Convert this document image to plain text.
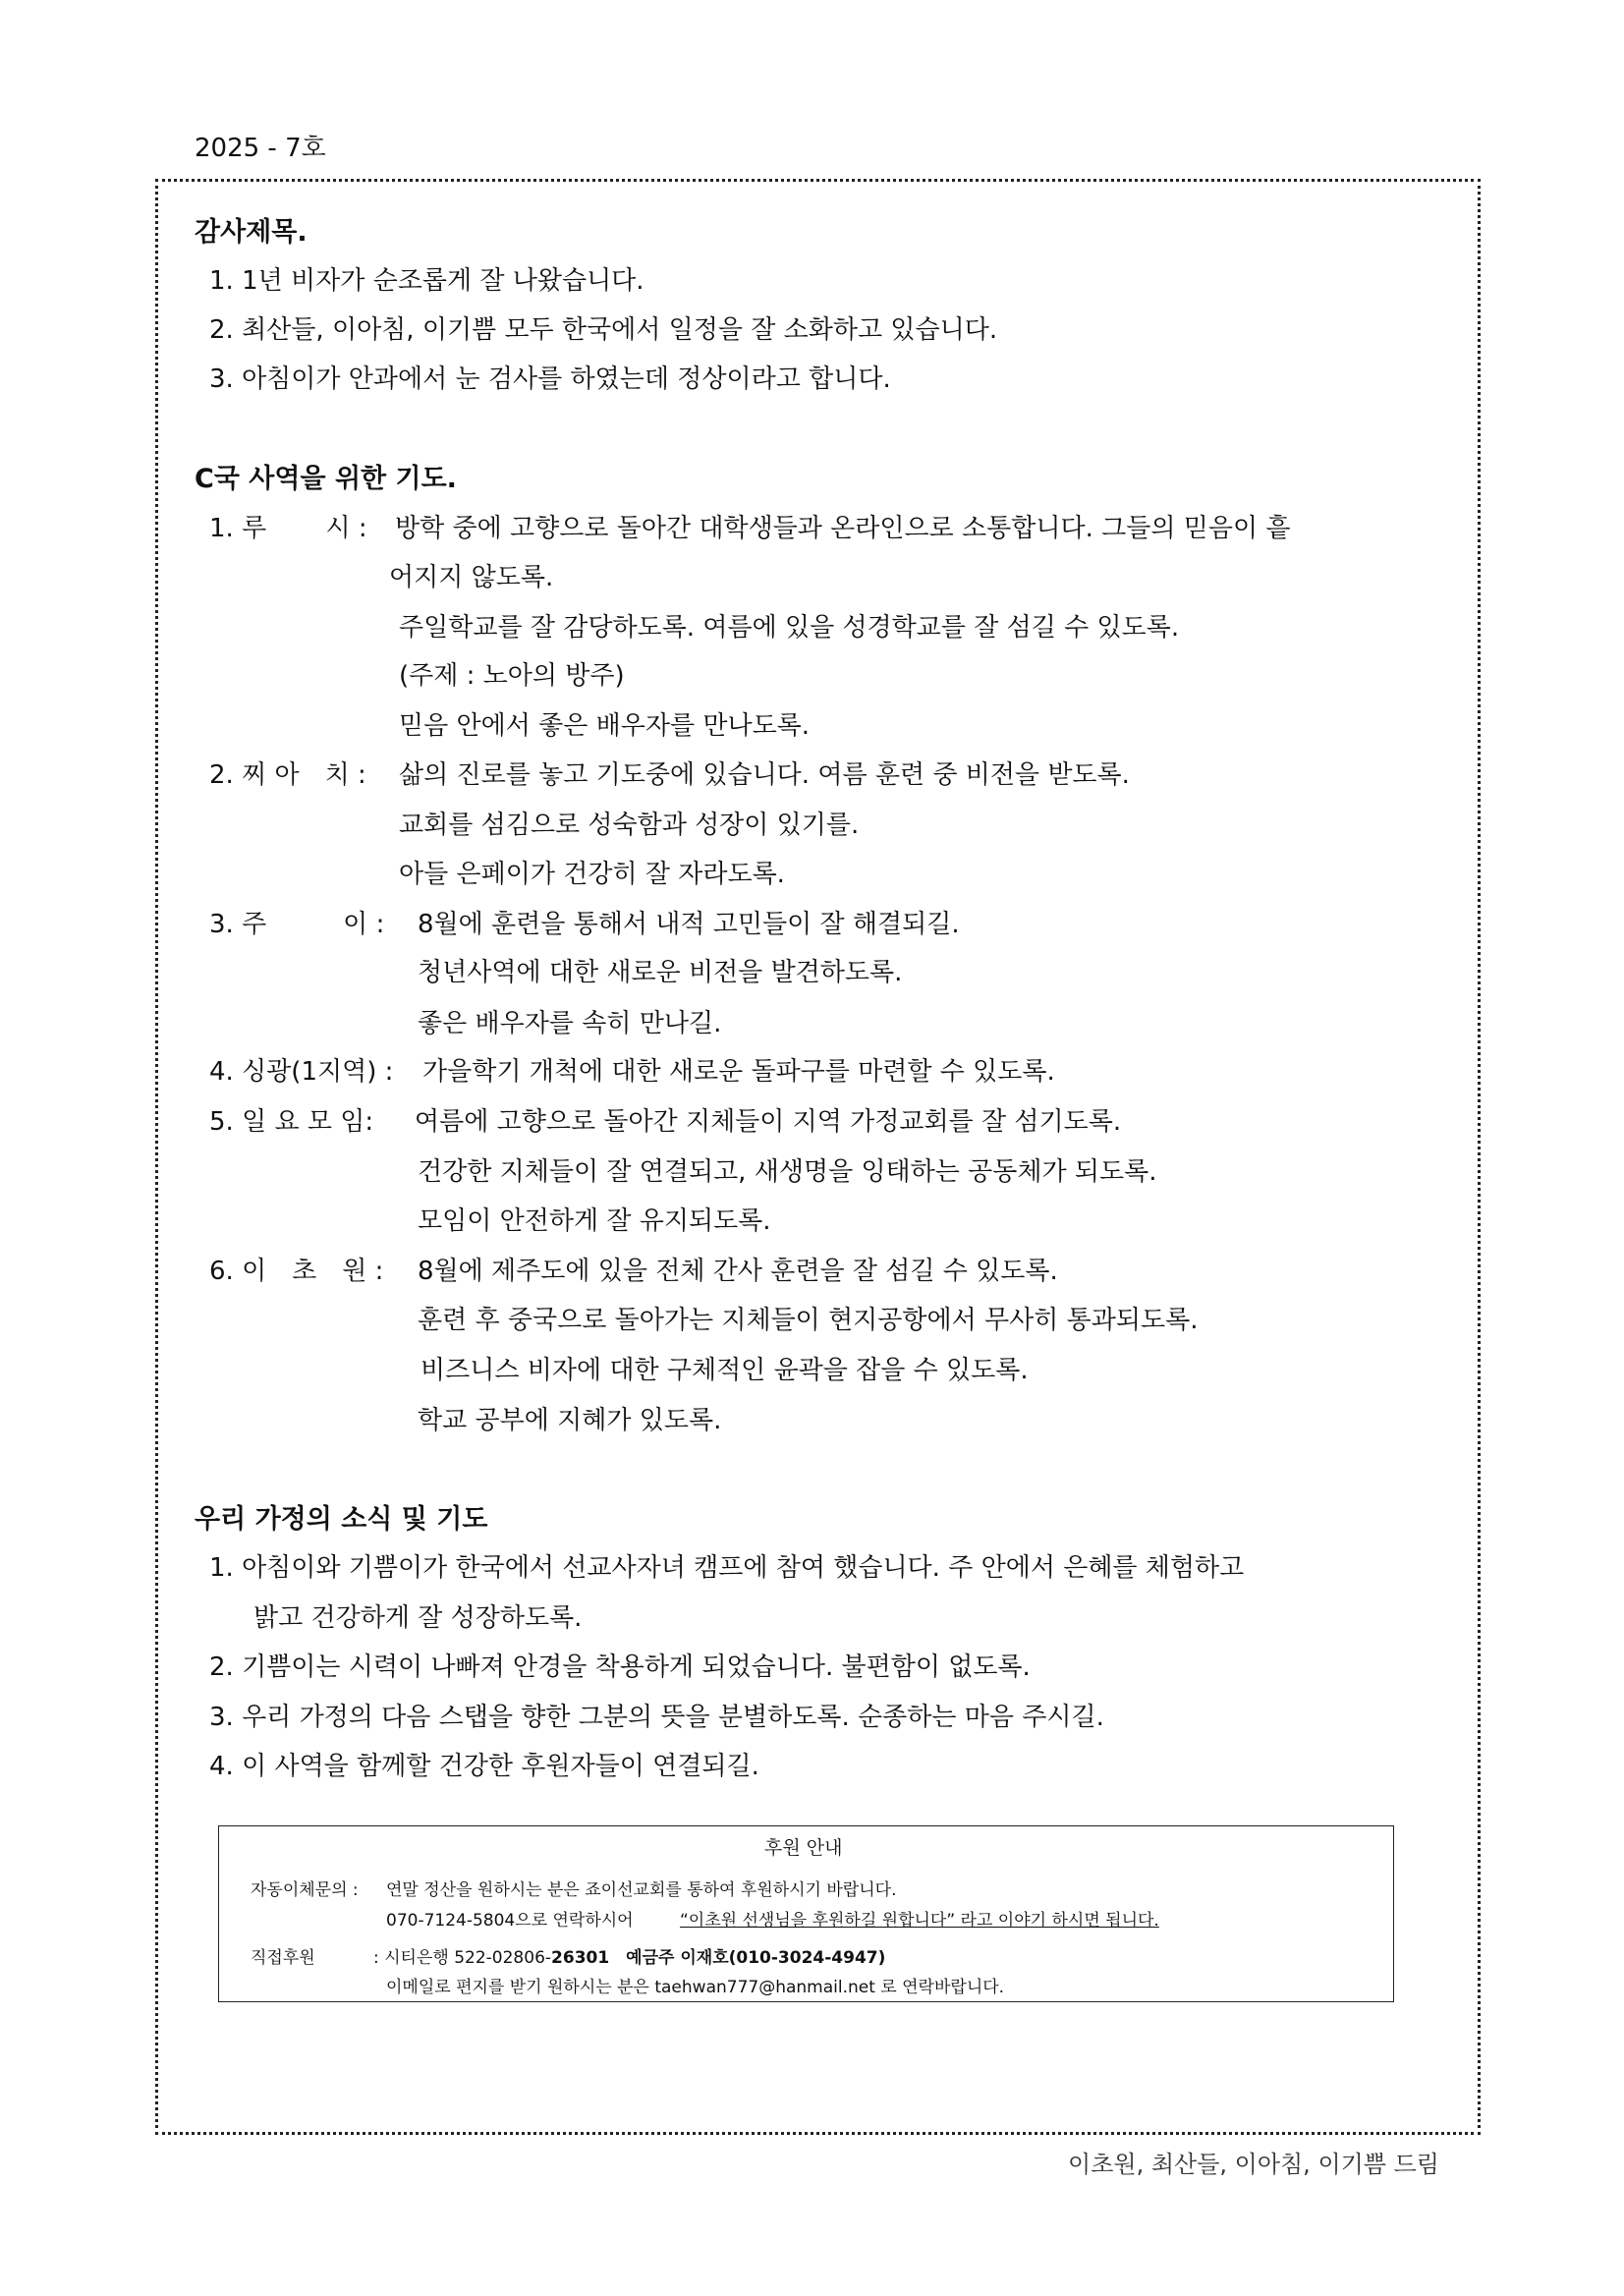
2025 - 7호
감사제목.
1. 1년 비자가 순조롭게 잘 나왔습니다.
2. 최산들, 이아침, 이기쁨 모두 한국에서 일정을 잘 소화하고 있습니다.
3. 아침이가 안과에서 눈 검사를 하였는데 정상이라고 합니다.
C국 사역을 위한 기도.
1. 루　　 시 : 방학 중에 고향으로 돌아간 대학생들과 온라인으로 소통합니다. 그들의 믿음이 흩
어지지 않도록.
주일학교를 잘 감당하도록. 여름에 있을 성경학교를 잘 섬길 수 있도록.
(주제 : 노아의 방주)
믿음 안에서 좋은 배우자를 만나도록.
2. 찌 아　치 : 삶의 진로를 놓고 기도중에 있습니다. 여름 훈련 중 비전을 받도록.
교회를 섬김으로 성숙함과 성장이 있기를.
아들 은페이가 건강히 잘 자라도록.
3. 주　　　이 : 8월에 훈련을 통해서 내적 고민들이 잘 해결되길.
청년사역에 대한 새로운 비전을 발견하도록.
좋은 배우자를 속히 만나길.
4. 싱광(1지역) : 가을학기 개척에 대한 새로운 돌파구를 마련할 수 있도록.
5. 일 요 모 임: 여름에 고향으로 돌아간 지체들이 지역 가정교회를 잘 섬기도록.
건강한 지체들이 잘 연결되고, 새생명을 잉태하는 공동체가 되도록.
모임이 안전하게 잘 유지되도록.
6. 이　초　원 : 8월에 제주도에 있을 전체 간사 훈련을 잘 섬길 수 있도록.
훈련 후 중국으로 돌아가는 지체들이 현지공항에서 무사히 통과되도록.
비즈니스 비자에 대한 구체적인 윤곽을 잡을 수 있도록.
학교 공부에 지혜가 있도록.
우리 가정의 소식 및 기도
1. 아침이와 기쁨이가 한국에서 선교사자녀 캠프에 참여 했습니다. 주 안에서 은혜를 체험하고
밝고 건강하게 잘 성장하도록.
2. 기쁨이는 시력이 나빠져 안경을 착용하게 되었습니다. 불편함이 없도록.
3. 우리 가정의 다음 스탭을 향한 그분의 뜻을 분별하도록. 순종하는 마음 주시길.
4. 이 사역을 함께할 건강한 후원자들이 연결되길.
후원 안내
자동이체문의 : 연말 정산을 원하시는 분은 죠이선교회를 통하여 후원하시기 바랍니다.
070-7124-5804으로 연락하시어	“이초원 선생님을 후원하길 원합니다” 라고 이야기 하시면 됩니다.
직접후원	: 시티은행 522-02806-26301　예금주 이재호(010-3024-4947)
이메일로 편지를 받기 원하시는 분은 taehwan777@hanmail.net 로 연락바랍니다.
이초원, 최산들, 이아침, 이기쁨 드림
